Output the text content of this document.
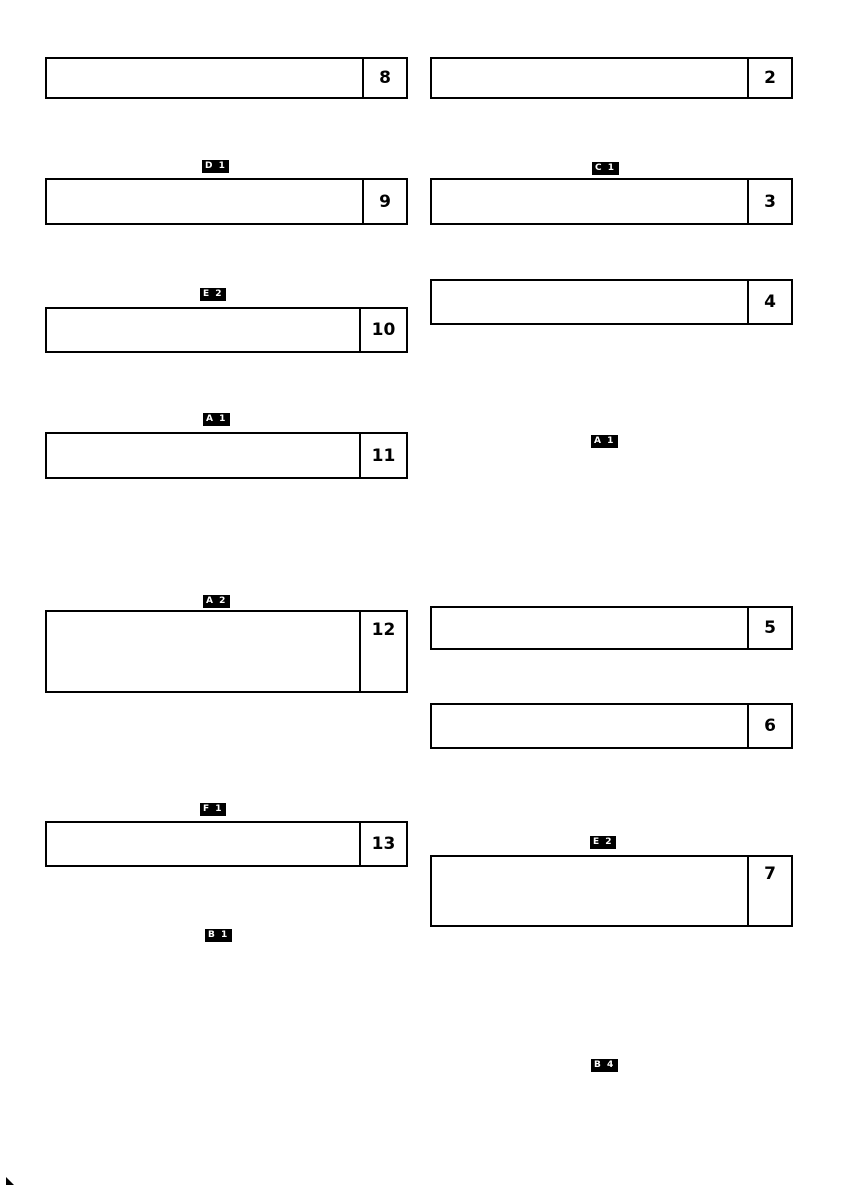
8	2
9	3
10
4
11
12	5
6
13
7
D 1	C 1
E 2
A 1
A 1
A 2
F 1
E 2
B 1
B 4
